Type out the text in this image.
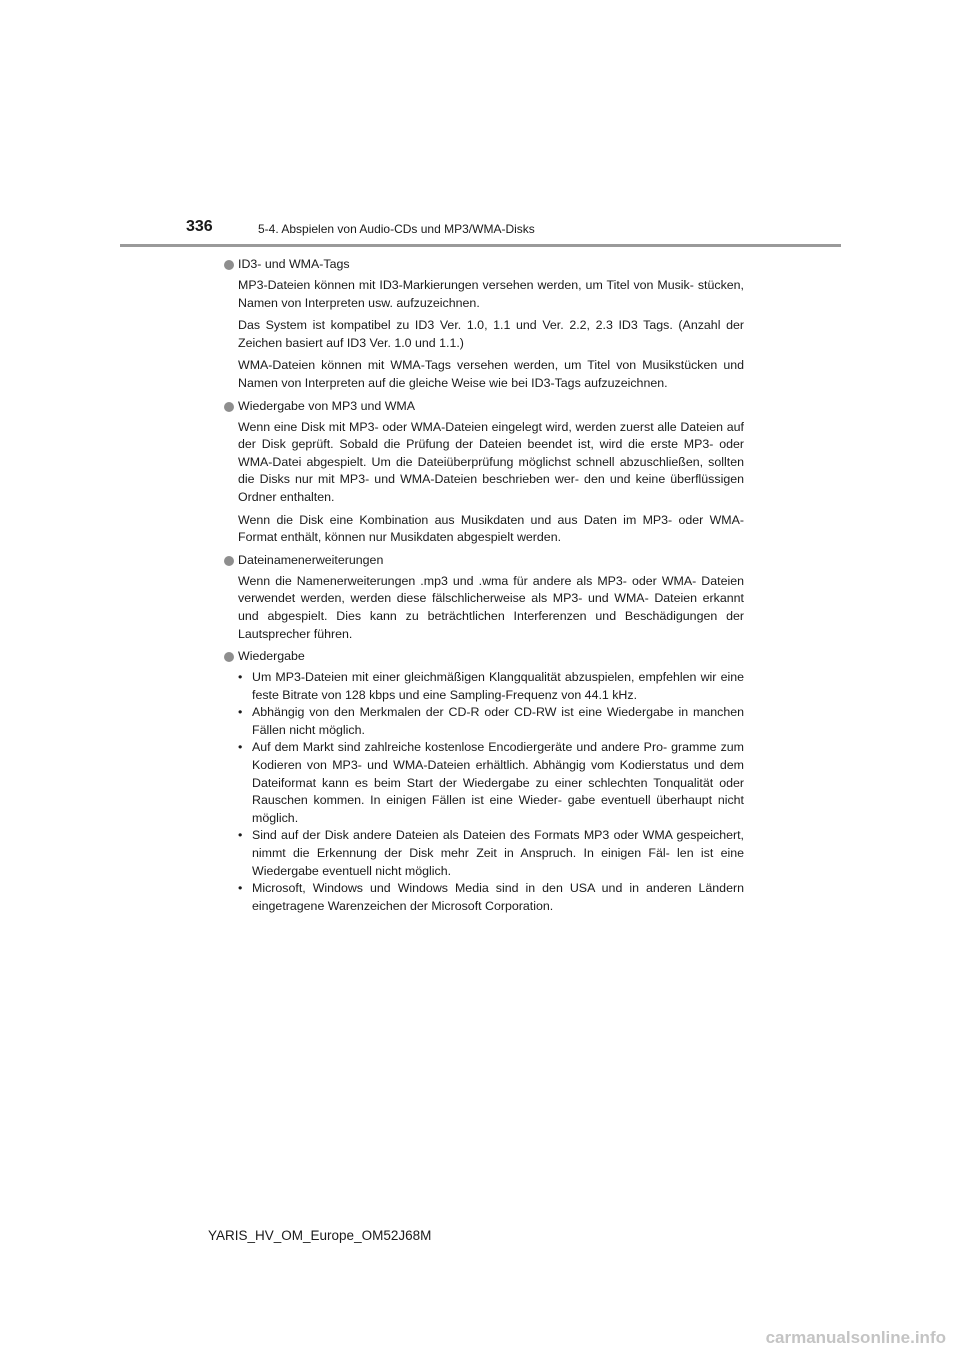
336	5-4. Abspielen von Audio-CDs und MP3/WMA-Disks
ID3- und WMA-Tags

MP3-Dateien können mit ID3-Markierungen versehen werden, um Titel von Musik- stücken, Namen von Interpreten usw. aufzuzeichnen.

Das System ist kompatibel zu ID3 Ver. 1.0, 1.1 und Ver. 2.2, 2.3 ID3 Tags. (Anzahl der Zeichen basiert auf ID3 Ver. 1.0 und 1.1.)

WMA-Dateien können mit WMA-Tags versehen werden, um Titel von Musikstücken und Namen von Interpreten auf die gleiche Weise wie bei ID3-Tags aufzuzeichnen.

Wiedergabe von MP3 und WMA

Wenn eine Disk mit MP3- oder WMA-Dateien eingelegt wird, werden zuerst alle Dateien auf der Disk geprüft. Sobald die Prüfung der Dateien beendet ist, wird die erste MP3- oder WMA-Datei abgespielt. Um die Dateiüberprüfung möglichst schnell abzuschließen, sollten die Disks nur mit MP3- und WMA-Dateien beschrieben wer- den und keine überflüssigen Ordner enthalten.

Wenn die Disk eine Kombination aus Musikdaten und aus Daten im MP3- oder WMA-Format enthält, können nur Musikdaten abgespielt werden.

Dateinamenerweiterungen

Wenn die Namenerweiterungen .mp3 und .wma für andere als MP3- oder WMA- Dateien verwendet werden, werden diese fälschlicherweise als MP3- und WMA- Dateien erkannt und abgespielt. Dies kann zu beträchtlichen Interferenzen und Beschädigungen der Lautsprecher führen.

Wiedergabe
• Um MP3-Dateien mit einer gleichmäßigen Klangqualität abzuspielen, empfehlen wir eine feste Bitrate von 128 kbps und eine Sampling-Frequenz von 44.1 kHz.
• Abhängig von den Merkmalen der CD-R oder CD-RW ist eine Wiedergabe in manchen Fällen nicht möglich.
• Auf dem Markt sind zahlreiche kostenlose Encodiergeräte und andere Pro- gramme zum Kodieren von MP3- und WMA-Dateien erhältlich. Abhängig vom Kodierstatus und dem Dateiformat kann es beim Start der Wiedergabe zu einer schlechten Tonqualität oder Rauschen kommen. In einigen Fällen ist eine Wieder- gabe eventuell überhaupt nicht möglich.
• Sind auf der Disk andere Dateien als Dateien des Formats MP3 oder WMA gespeichert, nimmt die Erkennung der Disk mehr Zeit in Anspruch. In einigen Fäl- len ist eine Wiedergabe eventuell nicht möglich.
• Microsoft, Windows und Windows Media sind in den USA und in anderen Ländern eingetragene Warenzeichen der Microsoft Corporation.
YARIS_HV_OM_Europe_OM52J68M
carmanualsonline.info
